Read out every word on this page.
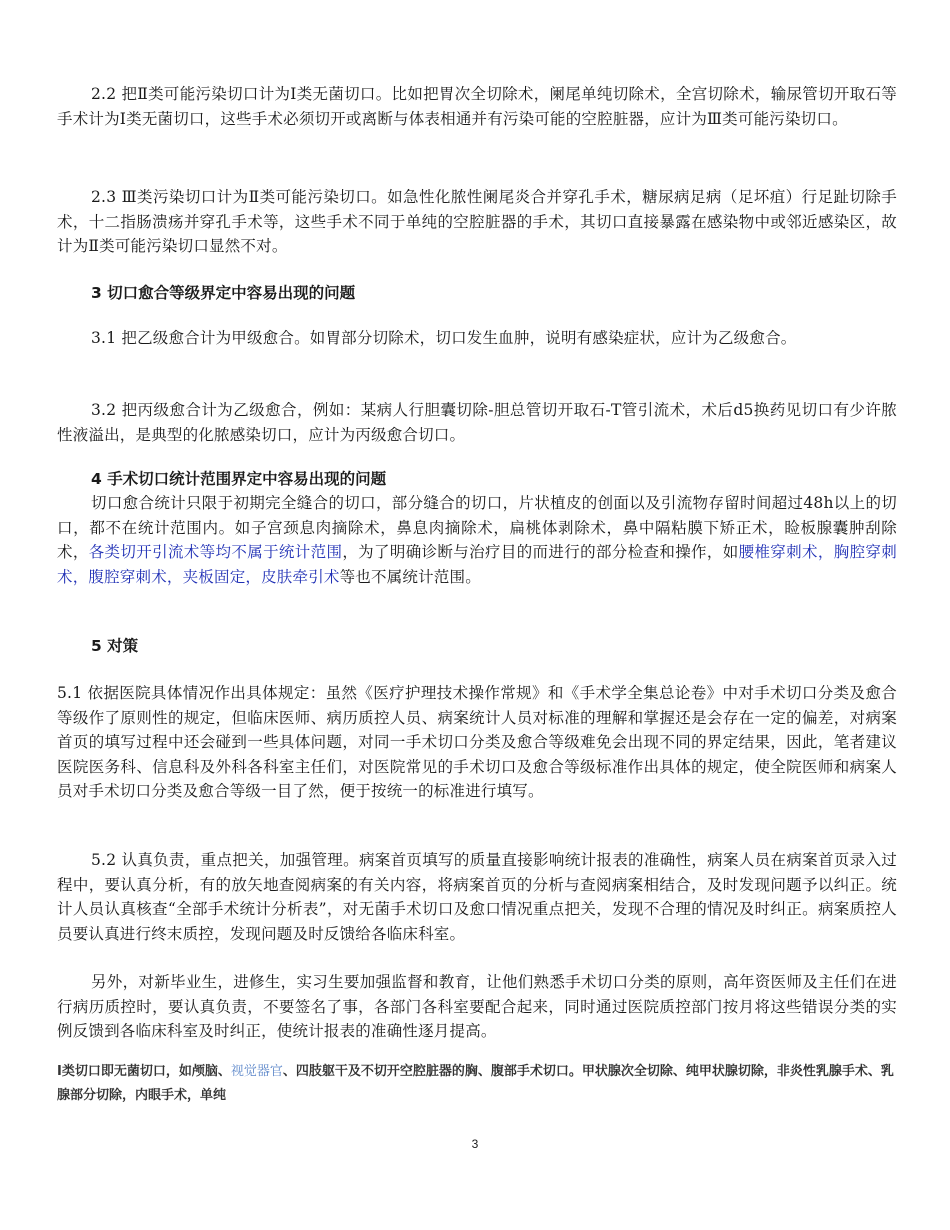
2.2 把Ⅱ类可能污染切口计为Ⅰ类无菌切口。比如把胃次全切除术，阑尾单纯切除术，全宫切除术，输尿管切开取石等手术计为Ⅰ类无菌切口，这些手术必须切开或离断与体表相通并有污染可能的空腔脏器，应计为Ⅲ类可能污染切口。

2.3 Ⅲ类污染切口计为Ⅱ类可能污染切口。如急性化脓性阑尾炎合并穿孔手术，糖尿病足病（足坏疽）行足趾切除手术，十二指肠溃疡并穿孔手术等，这些手术不同于单纯的空腔脏器的手术，其切口直接暴露在感染物中或邻近感染区，故计为Ⅱ类可能污染切口显然不对。

3 切口愈合等级界定中容易出现的问题

3.1 把乙级愈合计为甲级愈合。如胃部分切除术，切口发生血肿，说明有感染症状，应计为乙级愈合。

3.2 把丙级愈合计为乙级愈合，例如：某病人行胆囊切除-胆总管切开取石-T管引流术，术后d5换药见切口有少许脓性液溢出，是典型的化脓感染切口，应计为丙级愈合切口。

4 手术切口统计范围界定中容易出现的问题

切口愈合统计只限于初期完全缝合的切口，部分缝合的切口，片状植皮的创面以及引流物存留时间超过48h以上的切口，都不在统计范围内。如子宫颈息肉摘除术，鼻息肉摘除术，扁桃体剥除术，鼻中隔粘膜下矫正术，睑板腺囊肿刮除术，各类切开引流术等均不属于统计范围，为了明确诊断与治疗目的而进行的部分检查和操作，如腰椎穿刺术，胸腔穿刺术，腹腔穿刺术，夹板固定，皮肤牵引术等也不属统计范围。

5 对策

5.1 依据医院具体情况作出具体规定：虽然《医疗护理技术操作常规》和《手术学全集总论卷》中对手术切口分类及愈合等级作了原则性的规定，但临床医师、病历质控人员、病案统计人员对标准的理解和掌握还是会存在一定的偏差，对病案首页的填写过程中还会碰到一些具体问题，对同一手术切口分类及愈合等级难免会出现不同的界定结果，因此，笔者建议医院医务科、信息科及外科各科室主任们，对医院常见的手术切口及愈合等级标准作出具体的规定，使全院医师和病案人员对手术切口分类及愈合等级一目了然，便于按统一的标准进行填写。

5.2 认真负责，重点把关，加强管理。病案首页填写的质量直接影响统计报表的准确性，病案人员在病案首页录入过程中，要认真分析，有的放矢地查阅病案的有关内容，将病案首页的分析与查阅病案相结合，及时发现问题予以纠正。统计人员认真核查“全部手术统计分析表”，对无菌手术切口及愈口情况重点把关，发现不合理的情况及时纠正。病案质控人员要认真进行终末质控，发现问题及时反馈给各临床科室。

另外，对新毕业生，进修生，实习生要加强监督和教育，让他们熟悉手术切口分类的原则，高年资医师及主任们在进行病历质控时，要认真负责，不要签名了事，各部门各科室要配合起来，同时通过医院质控部门按月将这些错误分类的实例反馈到各临床科室及时纠正，使统计报表的准确性逐月提高。

Ⅰ类切口即无菌切口，如颅脑、视觉器官、四肢躯干及不切开空腔脏器的胸、腹部手术切口。甲状腺次全切除、纯甲状腺切除，非炎性乳腺手术、乳腺部分切除，内眼手术，单纯
3
